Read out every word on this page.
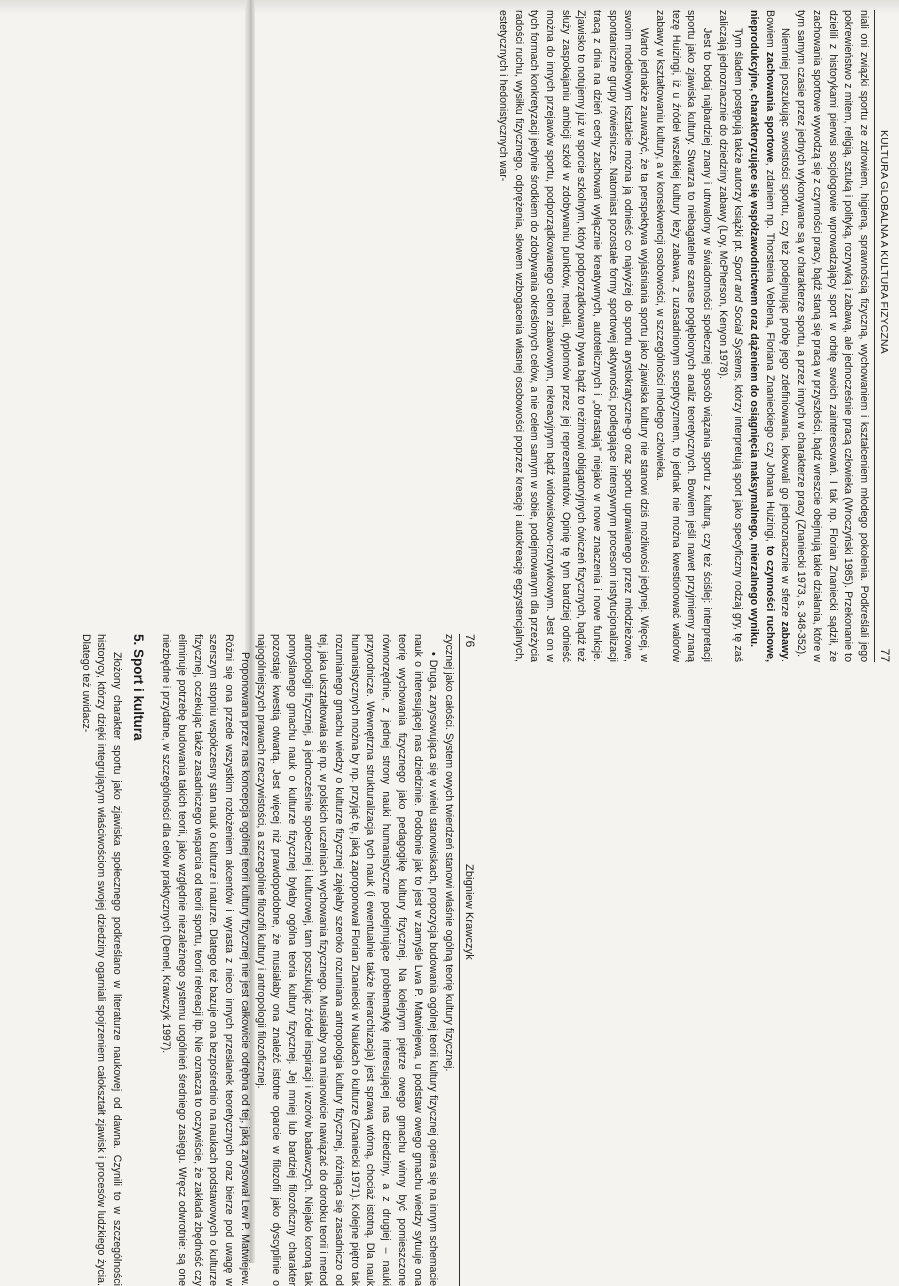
76
Zbigniew Krawczyk

zycznej jako całości. System owych twierdzeń stanowi właśnie ogólną teorię kultury fizycznej.

•Druga, zarysowująca się w wielu stanowiskach, propozycja budowania ogólnej teorii kultury fizycznej opiera się na innym schemacie nauk o interesującej nas dziedzinie. Podobnie jak to jest w zamyśle Lwa P. Matwiejewa, u podstaw owego gmachu wiedzy sytuuje ona teorię wychowania fizycznego jako pedagogikę kultury fizycznej. Na kolejnym piętrze owego gmachu winny być pomieszczone równorzędnie, z jednej strony nauki humanistyczne podejmujące problematykę interesującej nas dziedziny, a z drugiej – nauki przyrodnicze. Wewnętrzna strukturalizacja tych nauk (i ewentualnie także hierarchizacja) jest sprawą wtórną, chociaż istotną. Dla nauk humanistycznych można by np. przyjąć tę, jaką zaproponował Florian Znaniecki w Naukach o kulturze (Znaniecki 1971). Kolejne piętro tak rozumianego gmachu wiedzy o kulturze fizycznej zajęłaby szeroko rozumiana antropologia kultury fizycznej, różniąca się zasadniczo od tej, jaka ukształtowała się np. w polskich uczelniach wychowania fizycznego. Musiałaby ona mianowicie nawiązać do dorobku teorii i metod antropologii fizycznej, a jednocześnie społecznej i kulturowej, tam poszukując źródeł inspiracji i wzorów badawczych. Niejako koroną tak pomyślanego gmachu nauk o kulturze fizycznej byłaby ogólna teoria kultury fizycznej. Jej mniej lub bardziej filozoficzny charakter pozostaje kwestią otwartą. Jest więcej niż prawdopodobne, że musiałaby ona znaleźć istotne oparcie w filozofii jako dyscyplinie o najogólniejszych prawach rzeczywistości, a szczególnie filozofii kultury i antropologii filozoficznej.

Proponowana przez nas koncepcja ogólnej teorii kultury fizycznej nie jest całkowicie odrębna od tej, jaką zarysował Lew P. Matwiejew. Różni się ona przede wszystkim rozłożeniem akcentów i wyrasta z nieco innych przesłanek teoretycznych oraz bierze pod uwagę w szerszym stopniu współczesny stan nauk o kulturze i naturze. Dlatego też bazuje ona bezpośrednio na naukach podstawowych o kulturze fizycznej, oczekując także zasadniczego wsparcia od teorii sportu, teorii rekreacji itp. Nie oznacza to oczywiście, że zakłada zbędność czy eliminuje potrzebę budowania takich teorii, jako względnie niezależnego systemu uogólnień średniego zasięgu. Wręcz odwrotnie: są one niezbędne i przydatne, w szczególności dla celów praktycznych (Demel, Krawczyk 1997).

5. Sport i kultura

Złożony charakter sportu jako zjawiska społecznego podkreślano w literaturze naukowej od dawna. Czynili to w szczególności historycy, którzy dzięki integrującym właściwościom swojej dziedziny ogarniali spojrzeniem całokształt zjawisk i procesów ludzkiego życia. Dlatego też uwidacz-

KULTURA GLOBALNA A KULTURA FIZYCZNA
77

niali oni związki sportu ze zdrowiem, higieną, sprawnością fizyczną, wychowaniem i kształceniem młodego pokolenia. Podkreślali jego pokrewieństwo z mitem, religią, sztuką i polityką, rozrywką i zabawą, ale jednocześnie pracą człowieka (Wroczyński 1985). Przekonanie to dzielili z historykami pierwsi socjologowie wprowadzający sport w orbitę swoich zainteresowań. I tak np. Florian Znaniecki sądził, że zachowania sportowe wywodzą się z czynności pracy, bądź staną się pracą w przyszłości, bądź wreszcie obejmują takie działania, które w tym samym czasie przez jednych wykonywane są w charakterze sportu, a przez innych w charakterze pracy (Znaniecki 1973, s. 348-352).

Niemniej poszukując swoistości sportu, czy też podejmując próbę jego zdefiniowania, lokowali go jednoznacznie w sferze zabawy. Bowiem zachowania sportowe, zdaniem np. Thorsteina Veblena, Floriana Znanieckiego czy Johana Huizingi, to czynności ruchowe, nieprodukcyjne, charakteryzujące się współzawodnictwem oraz dążeniem do osiągnięcia maksymalnego, mierzalnego wyniku.

Tym śladem postępują także autorzy książki pt. Sport and Social Systems, którzy interpretują sport jako specyficzny rodzaj gry, tę zaś zaliczają jednoznacznie do dziedziny zabawy (Loy, McPherson, Kenyon 1978).

Jest to bodaj najbardziej znany i utrwalony w świadomości społecznej sposób wiązania sportu z kulturą, czy też ściślej: interpretacji sportu jako zjawiska kultury. Stwarza to niebagatelne szanse pogłębionych analiz teoretycznych. Bowiem jeśli nawet przyjmiemy znaną tezę Huizingi, iż u źródeł wszelkiej kultury leży zabawa, z uzasadnionym sceptycyzmem, to jednak nie można kwestionować walorów zabawy w kształtowaniu kultury, a w konsekwencji osobowości, w szczególności młodego człowieka.

Warto jednakże zauważyć, że ta perspektywa wyjaśniania sportu jako zjawiska kultury nie stanowi dziś możliwości jedynej. Więcej, w swoim modelowym kształcie można ją odnieść co najwyżej do sportu arystokratyczne-go oraz sportu uprawianego przez młodzieżowe, spontaniczne grupy rówieśnicze. Natomiast pozostałe formy sportowej aktywności, podlegające intensywnym procesom instytucjonalizacji tracą z dnia na dzień cechy zachowań wyłącznie kreatywnych, autotelicznych i „obrastają” niejako w nowe znaczenia i nowe funkcje. Zjawisko to notujemy już w sporcie szkolnym, który podporządkowany bywa bądź to reżimowi obligatoryjnych ćwiczeń fizycznych, bądź też służy zaspokajaniu ambicji szkół w zdobywaniu punktów, medali, dyplomów przez jej reprezentantów. Opinię tę tym bardziej odnieść można do innych przejawów sportu, podporządkowanego celom zabawowym, rekreacyjnym bądź widowiskowo-rozrywkowym. Jest on w tych formach konkretyzacji jedynie środkiem do zdobywania określonych celów, a nie celem samym w sobie, podejmowanym dla przeżycia radości ruchu, wysiłku fizycznego, odprężenia, słowem wzbogacenia własnej osobowości poprzez kreację i autokreację egzystencjalnych, estetycznych i hedonistycznych war-
